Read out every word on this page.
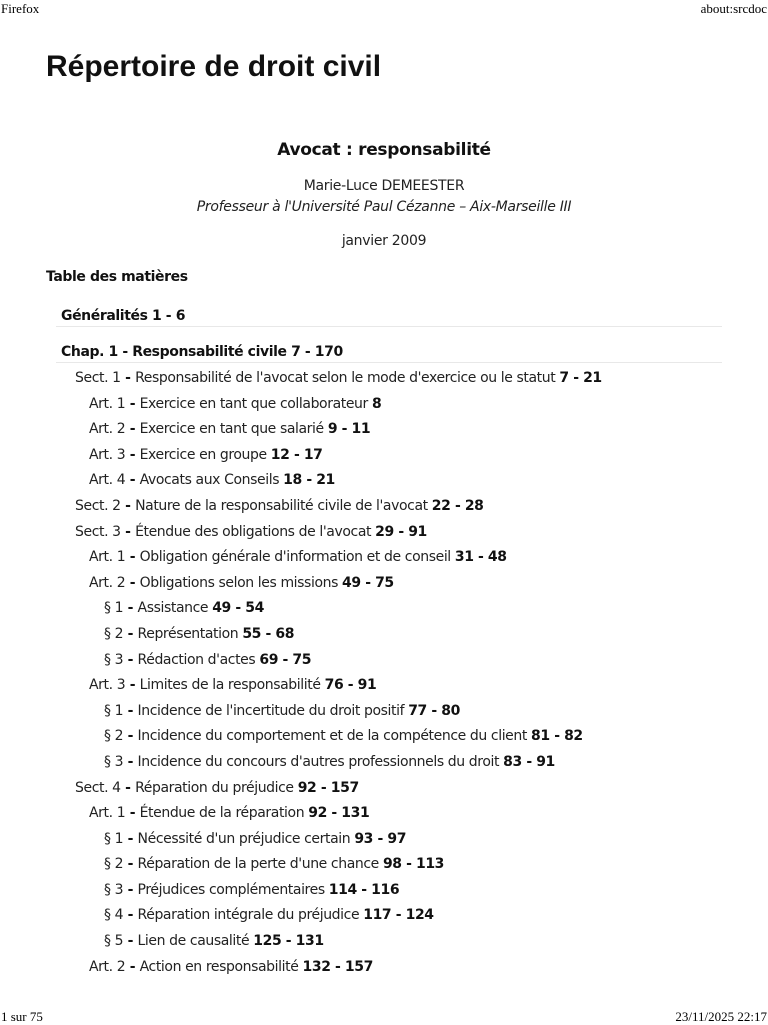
Firefox	about:srcdoc
Répertoire de droit civil
Avocat : responsabilité
Marie-Luce DEMEESTER
Professeur à l'Université Paul Cézanne – Aix-Marseille III
janvier 2009
Table des matières
Généralités 1 - 6
Chap. 1 - Responsabilité civile 7 - 170
Sect. 1 - Responsabilité de l'avocat selon le mode d'exercice ou le statut 7 - 21
Art. 1 - Exercice en tant que collaborateur 8
Art. 2 - Exercice en tant que salarié 9 - 11
Art. 3 - Exercice en groupe 12 - 17
Art. 4 - Avocats aux Conseils 18 - 21
Sect. 2 - Nature de la responsabilité civile de l'avocat 22 - 28
Sect. 3 - Étendue des obligations de l'avocat 29 - 91
Art. 1 - Obligation générale d'information et de conseil 31 - 48
Art. 2 - Obligations selon les missions 49 - 75
§ 1 - Assistance 49 - 54
§ 2 - Représentation 55 - 68
§ 3 - Rédaction d'actes 69 - 75
Art. 3 - Limites de la responsabilité 76 - 91
§ 1 - Incidence de l'incertitude du droit positif 77 - 80
§ 2 - Incidence du comportement et de la compétence du client 81 - 82
§ 3 - Incidence du concours d'autres professionnels du droit 83 - 91
Sect. 4 - Réparation du préjudice 92 - 157
Art. 1 - Étendue de la réparation 92 - 131
§ 1 - Nécessité d'un préjudice certain 93 - 97
§ 2 - Réparation de la perte d'une chance 98 - 113
§ 3 - Préjudices complémentaires 114 - 116
§ 4 - Réparation intégrale du préjudice 117 - 124
§ 5 - Lien de causalité 125 - 131
Art. 2 - Action en responsabilité 132 - 157
1 sur 75	23/11/2025 22:17
